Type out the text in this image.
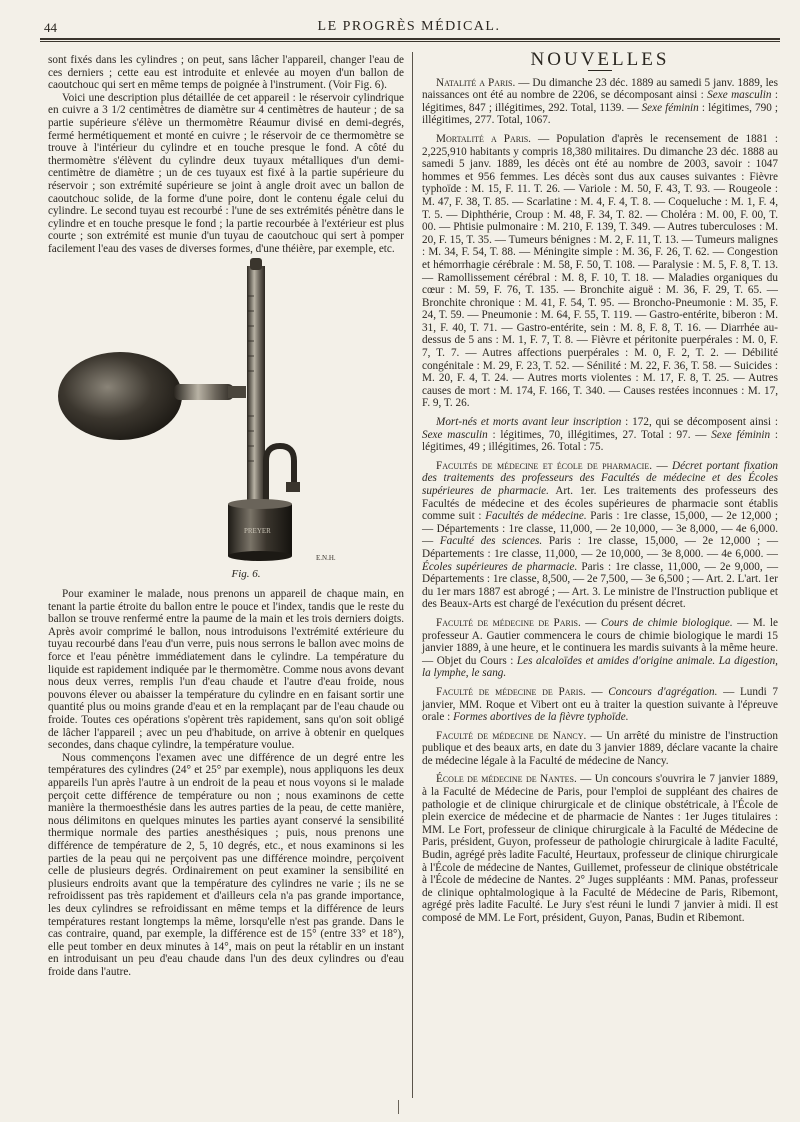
44	LE PROGRÈS MÉDICAL.

sont fixés dans les cylindres ; on peut, sans lâcher l'appareil, changer l'eau de ces derniers ; cette eau est introduite et enlevée au moyen d'un ballon de caoutchouc qui sert en même temps de poignée à l'instrument. (Voir Fig. 6).

Voici une description plus détaillée de cet appareil : le réservoir cylindrique en cuivre a 3 1/2 centimètres de diamètre sur 4 centimètres de hauteur ; de sa partie supérieure s'élève un thermomètre Réaumur divisé en demi-degrés, fermé hermétiquement et monté en cuivre ; le réservoir de ce thermomètre se trouve à l'intérieur du cylindre et en touche presque le fond. A côté du thermomètre s'élèvent du cylindre deux tuyaux métalliques d'un demi-centimètre de diamètre ; un de ces tuyaux est fixé à la partie supérieure du réservoir ; son extrémité supérieure se joint à angle droit avec un ballon de caoutchouc solide, de la forme d'une poire, dont le contenu égale celui du cylindre. Le second tuyau est recourbé : l'une de ses extrémités pénètre dans le cylindre et en touche presque le fond ; la partie recourbée à l'extérieur est plus courte ; son extrémité est munie d'un tuyau de caoutchouc qui sert à pomper facilement l'eau des vases de diverses formes, d'une théière, par exemple, etc.

PREYER
E.N.H.
Fig. 6.

Pour examiner le malade, nous prenons un appareil de chaque main, en tenant la partie étroite du ballon entre le pouce et l'index, tandis que le reste du ballon se trouve renfermé entre la paume de la main et les trois derniers doigts. Après avoir comprimé le ballon, nous introduisons l'extrémité extérieure du tuyau recourbé dans l'eau d'un verre, puis nous serrons le ballon avec moins de force et l'eau pénètre immédiatement dans le cylindre. La température du liquide est rapidement indiquée par le thermomètre. Comme nous avons devant nous deux verres, remplis l'un d'eau chaude et l'autre d'eau froide, nous pouvons élever ou abaisser la température du cylindre en en faisant sortir une quantité plus ou moins grande d'eau et en la remplaçant par de l'eau chaude ou froide. Toutes ces opérations s'opèrent très rapidement, sans qu'on soit obligé de lâcher l'appareil ; avec un peu d'habitude, on arrive à obtenir en quelques secondes, dans chaque cylindre, la température voulue.

Nous commençons l'examen avec une différence de un degré entre les températures des cylindres (24° et 25° par exemple), nous appliquons les deux appareils l'un après l'autre à un endroit de la peau et nous voyons si le malade perçoit cette différence de température ou non ; nous examinons de cette manière la thermoesthésie dans les autres parties de la peau, de cette manière, nous délimitons en quelques minutes les parties ayant conservé la sensibilité thermique normale des parties anesthésiques ; puis, nous prenons une différence de température de 2, 5, 10 degrés, etc., et nous examinons si les parties de la peau qui ne perçoivent pas une différence moindre, perçoivent celle de plusieurs degrés. Ordinairement on peut examiner la sensibilité en plusieurs endroits avant que la température des cylindres ne varie ; ils ne se refroidissent pas très rapidement et d'ailleurs cela n'a pas grande importance, les deux cylindres se refroidissant en même temps et la différence de leurs températures restant longtemps la même, lorsqu'elle n'est pas grande. Dans le cas contraire, quand, par exemple, la différence est de 15° (entre 33° et 18°), elle peut tomber en deux minutes à 14°, mais on peut la rétablir en un instant en introduisant un peu d'eau chaude dans l'un des deux cylindres ou d'eau froide dans l'autre.

NOUVELLES

Natalité a Paris. — Du dimanche 23 déc. 1889 au samedi 5 janv. 1889, les naissances ont été au nombre de 2206, se décomposant ainsi : Sexe masculin : légitimes, 847 ; illégitimes, 292. Total, 1139. — Sexe féminin : légitimes, 790 ; illégitimes, 277. Total, 1067.

Mortalité a Paris. — Population d'après le recensement de 1881 : 2,225,910 habitants y compris 18,380 militaires. Du dimanche 23 déc. 1888 au samedi 5 janv. 1889, les décès ont été au nombre de 2003, savoir : 1047 hommes et 956 femmes. Les décès sont dus aux causes suivantes : Fièvre typhoïde : M. 15, F. 11. T. 26. — Variole : M. 50, F. 43, T. 93. — Rougeole : M. 47, F. 38, T. 85. — Scarlatine : M. 4, F. 4, T. 8. — Coqueluche : M. 1, F. 4, T. 5. — Diphthérie, Croup : M. 48, F. 34, T. 82. — Choléra : M. 00, F. 00, T. 00. — Phtisie pulmonaire : M. 210, F. 139, T. 349. — Autres tuberculoses : M. 20, F. 15, T. 35. — Tumeurs bénignes : M. 2, F. 11, T. 13. — Tumeurs malignes : M. 34, F. 54, T. 88. — Méningite simple : M. 36, F. 26, T. 62. — Congestion et hémorrhagie cérébrale : M. 58, F. 50, T. 108. — Paralysie : M. 5, F. 8, T. 13. — Ramollissement cérébral : M. 8, F. 10, T. 18. — Maladies organiques du cœur : M. 59, F. 76, T. 135. — Bronchite aiguë : M. 36, F. 29, T. 65. — Bronchite chronique : M. 41, F. 54, T. 95. — Broncho-Pneumonie : M. 35, F. 24, T. 59. — Pneumonie : M. 64, F. 55, T. 119. — Gastro-entérite, biberon : M. 31, F. 40, T. 71. — Gastro-entérite, sein : M. 8, F. 8, T. 16. — Diarrhée au-dessus de 5 ans : M. 1, F. 7, T. 8. — Fièvre et péritonite puerpérales : M. 0, F. 7, T. 7. — Autres affections puerpérales : M. 0, F. 2, T. 2. — Débilité congénitale : M. 29, F. 23, T. 52. — Sénilité : M. 22, F. 36, T. 58. — Suicides : M. 20, F. 4, T. 24. — Autres morts violentes : M. 17, F. 8, T. 25. — Autres causes de mort : M. 174, F. 166, T. 340. — Causes restées inconnues : M. 17, F. 9, T. 26.

Mort-nés et morts avant leur inscription : 172, qui se décomposent ainsi : Sexe masculin : légitimes, 70, illégitimes, 27. Total : 97. — Sexe féminin : légitimes, 49 ; illégitimes, 26. Total : 75.

Facultés de médecine et école de pharmacie. — Décret portant fixation des traitements des professeurs des Facultés de médecine et des Écoles supérieures de pharmacie. Art. 1er. Les traitements des professeurs des Facultés de médecine et des écoles supérieures de pharmacie sont établis comme suit : Facultés de médecine. Paris : 1re classe, 15,000, — 2e 12,000 ; — Départements : 1re classe, 11,000, — 2e 10,000, — 3e 8,000, — 4e 6,000. — Faculté des sciences. Paris : 1re classe, 15,000, — 2e 12,000 ; — Départements : 1re classe, 11,000, — 2e 10,000, — 3e 8,000. — 4e 6,000. — Écoles supérieures de pharmacie. Paris : 1re classe, 11,000, — 2e 9,000, — Départements : 1re classe, 8,500, — 2e 7,500, — 3e 6,500 ; — Art. 2. L'art. 1er du 1er mars 1887 est abrogé ; — Art. 3. Le ministre de l'Instruction publique et des Beaux-Arts est chargé de l'exécution du présent décret.

Faculté de médecine de Paris. — Cours de chimie biologique. — M. le professeur A. Gautier commencera le cours de chimie biologique le mardi 15 janvier 1889, à une heure, et le continuera les mardis suivants à la même heure. — Objet du Cours : Les alcaloïdes et amides d'origine animale. La digestion, la lymphe, le sang.

Faculté de médecine de Paris. — Concours d'agrégation. — Lundi 7 janvier, MM. Roque et Vibert ont eu à traiter la question suivante à l'épreuve orale : Formes abortives de la fièvre typhoïde.

Faculté de médecine de Nancy. — Un arrêté du ministre de l'instruction publique et des beaux arts, en date du 3 janvier 1889, déclare vacante la chaire de médecine légale à la Faculté de médecine de Nancy.

École de médecine de Nantes. — Un concours s'ouvrira le 7 janvier 1889, à la Faculté de Médecine de Paris, pour l'emploi de suppléant des chaires de pathologie et de clinique chirurgicale et de clinique obstétricale, à l'École de plein exercice de médecine et de pharmacie de Nantes : 1er Juges titulaires : MM. Le Fort, professeur de clinique chirurgicale à la Faculté de Médecine de Paris, président, Guyon, professeur de pathologie chirurgicale à ladite Faculté, Budin, agrégé près ladite Faculté, Heurtaux, professeur de clinique chirurgicale à l'École de médecine de Nantes, Guillemet, professeur de clinique obstétricale à l'École de médecine de Nantes. 2° Juges suppléants : MM. Panas, professeur de clinique ophtalmologique à la Faculté de Médecine de Paris, Ribemont, agrégé près ladite Faculté. Le Jury s'est réuni le lundi 7 janvier à midi. Il est composé de MM. Le Fort, président, Guyon, Panas, Budin et Ribemont.
